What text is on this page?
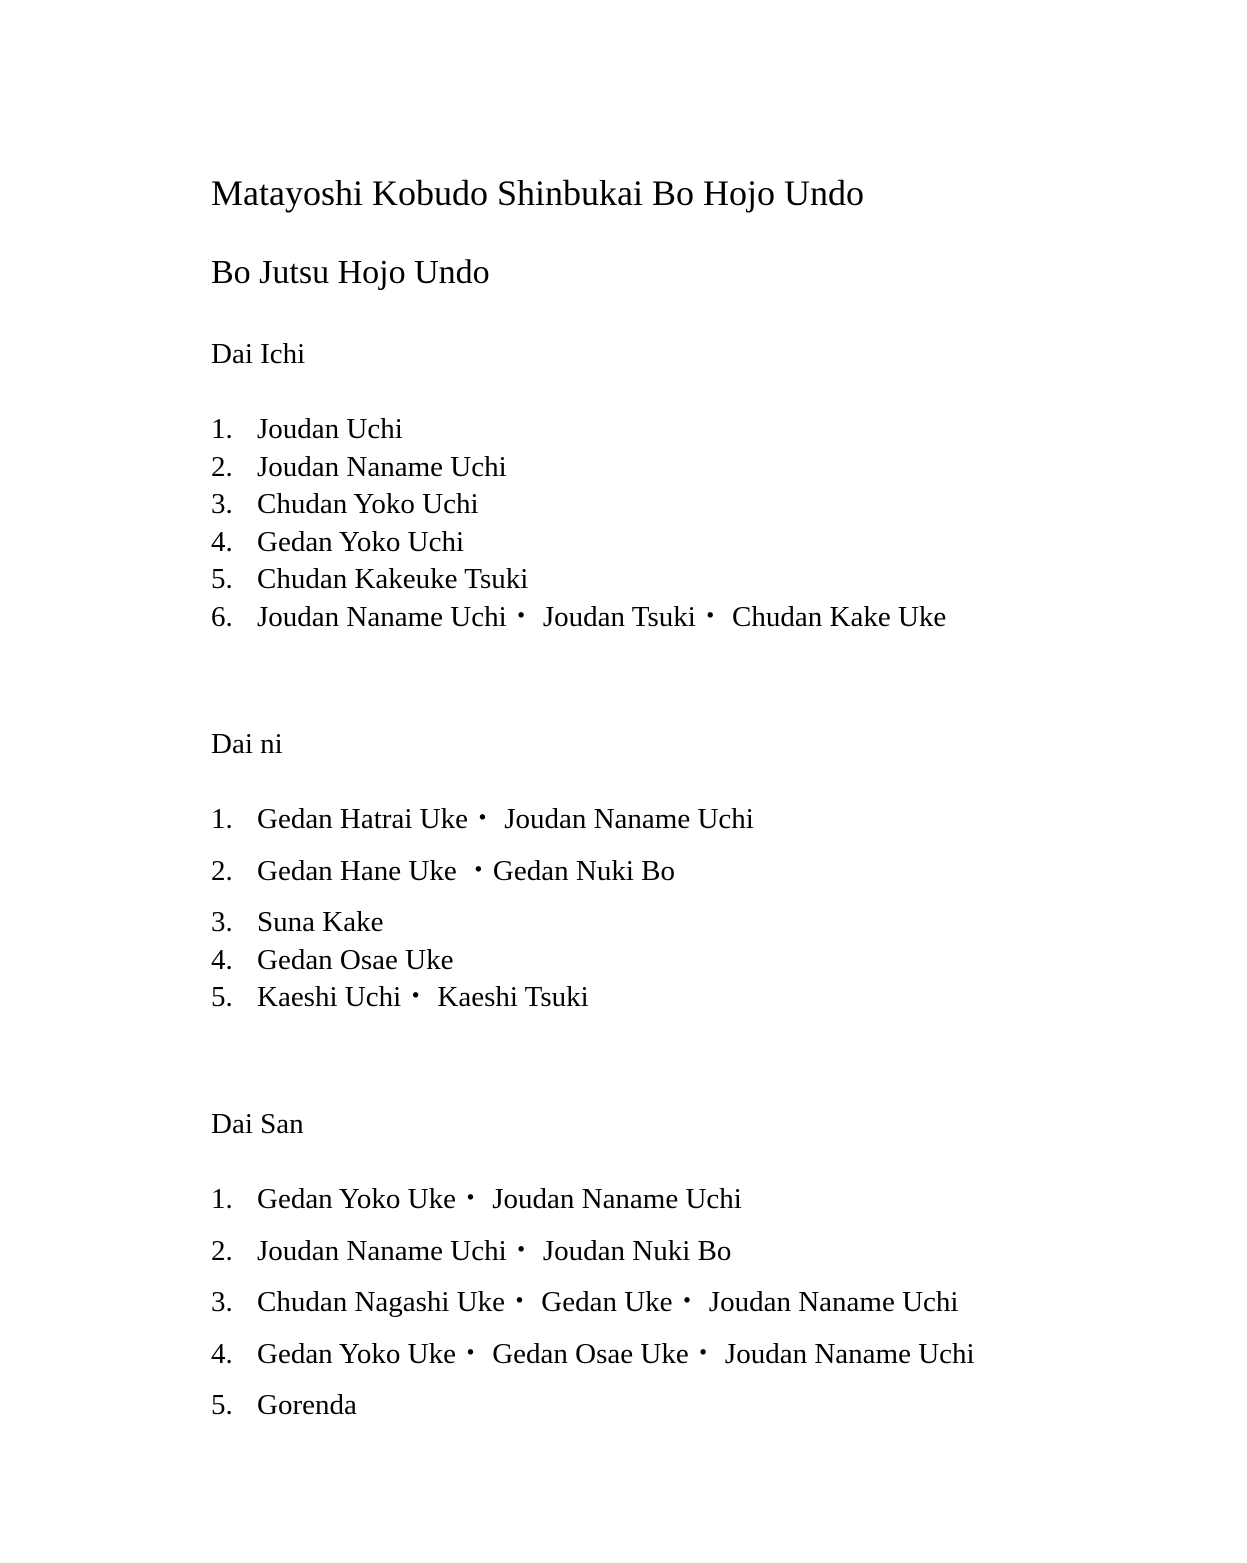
Matayoshi Kobudo Shinbukai Bo Hojo Undo
Bo Jutsu Hojo Undo
Dai Ichi
1. Joudan Uchi
2. Joudan Naname Uchi
3. Chudan Yoko Uchi
4. Gedan Yoko Uchi
5. Chudan Kakeuke Tsuki
6. Joudan Naname Uchi・ Joudan Tsuki・ Chudan Kake Uke
Dai ni
1. Gedan Hatrai Uke・ Joudan Naname Uchi
2. Gedan Hane Uke ・Gedan Nuki Bo
3. Suna Kake
4. Gedan Osae Uke
5. Kaeshi Uchi・ Kaeshi Tsuki
Dai San
1. Gedan Yoko Uke・ Joudan Naname Uchi
2. Joudan Naname Uchi・ Joudan Nuki Bo
3. Chudan Nagashi Uke・ Gedan Uke・ Joudan Naname Uchi
4. Gedan Yoko Uke・ Gedan Osae Uke・ Joudan Naname Uchi
5. Gorenda
